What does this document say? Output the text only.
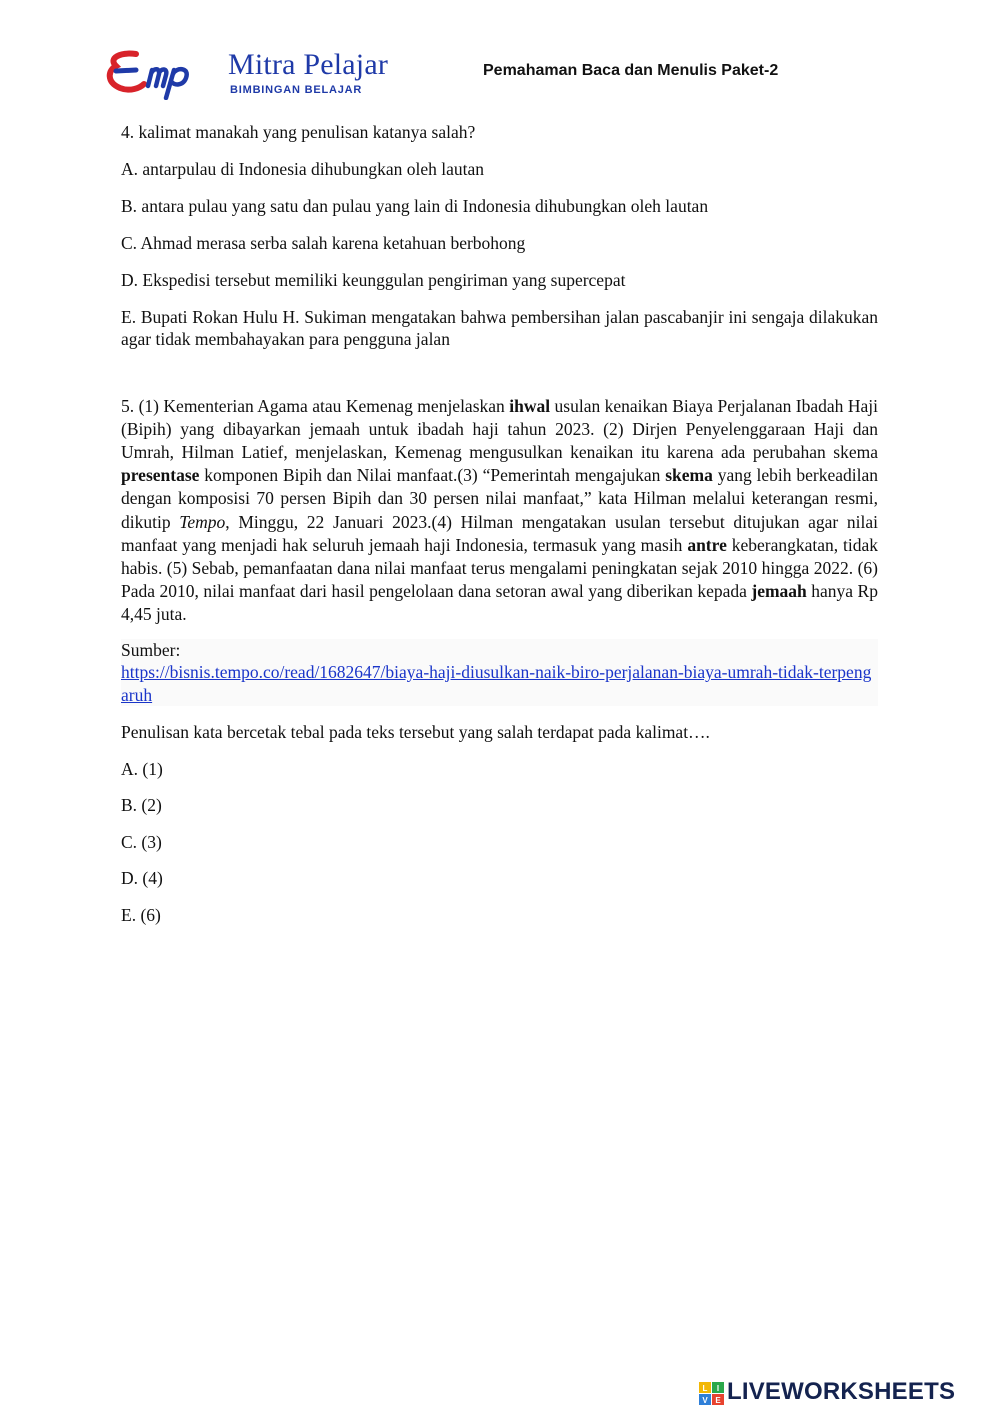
Mitra Pelajar
BIMBINGAN BELAJAR
Pemahaman Baca dan Menulis Paket-2

4. kalimat manakah yang penulisan katanya salah?

A. antarpulau di Indonesia dihubungkan oleh lautan

B. antara pulau yang satu dan pulau yang lain di Indonesia dihubungkan oleh lautan

C. Ahmad merasa serba salah karena ketahuan berbohong

D. Ekspedisi tersebut memiliki keunggulan pengiriman yang supercepat

E. Bupati Rokan Hulu H. Sukiman mengatakan bahwa pembersihan jalan pascabanjir ini sengaja dilakukan agar tidak membahayakan para pengguna jalan

5. (1) Kementerian Agama atau Kemenag menjelaskan ihwal usulan kenaikan Biaya Perjalanan Ibadah Haji (Bipih) yang dibayarkan jemaah untuk ibadah haji tahun 2023. (2) Dirjen Penyelenggaraan Haji dan Umrah, Hilman Latief, menjelaskan, Kemenag mengusulkan kenaikan itu karena ada perubahan skema presentase komponen Bipih dan Nilai manfaat.(3) “Pemerintah mengajukan skema yang lebih berkeadilan dengan komposisi 70 persen Bipih dan 30 persen nilai manfaat,” kata Hilman melalui keterangan resmi, dikutip Tempo, Minggu, 22 Januari 2023.(4) Hilman mengatakan usulan tersebut ditujukan agar nilai manfaat yang menjadi hak seluruh jemaah haji Indonesia, termasuk yang masih antre keberangkatan, tidak habis. (5) Sebab, pemanfaatan dana nilai manfaat terus mengalami peningkatan sejak 2010 hingga 2022. (6) Pada 2010, nilai manfaat dari hasil pengelolaan dana setoran awal yang diberikan kepada jemaah hanya Rp 4,45 juta.

Sumber:
https://bisnis.tempo.co/read/1682647/biaya-haji-diusulkan-naik-biro-perjalanan-biaya-umrah-tidak-terpengaruh

Penulisan kata bercetak tebal pada teks tersebut yang salah terdapat pada kalimat….

A. (1)

B. (2)

C. (3)

D. (4)

E. (6)

L I
V E LIVEWORKSHEETS
